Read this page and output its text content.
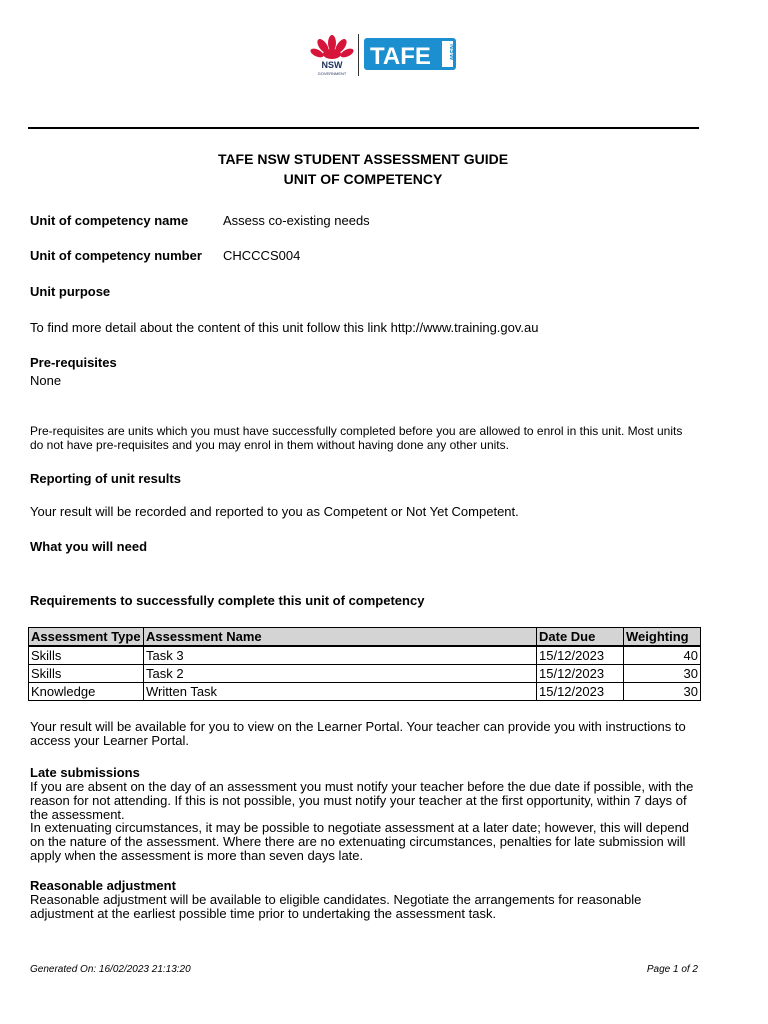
NSW
GOVERNMENT
TAFE NSW
TAFE NSW STUDENT ASSESSMENT GUIDE
UNIT OF COMPETENCY
Unit of competency name	Assess co-existing needs
Unit of competency number CHCCCS004
Unit purpose
To find more detail about the content of this unit follow this link http://www.training.gov.au
Pre-requisites
None
Pre-requisites are units which you must have successfully completed before you are allowed to enrol in this unit. Most units
do not have pre-requisites and you may enrol in them without having done any other units.
Reporting of unit results
Your result will be recorded and reported to you as Competent or Not Yet Competent.
What you will need
Requirements to successfully complete this unit of competency
Assessment Type	Assessment Name	Date Due	Weighting
Skills	Task 3	15/12/2023	40
Skills	Task 2	15/12/2023	30
Knowledge	Written Task	15/12/2023	30
Your result will be available for you to view on the Learner Portal. Your teacher can provide you with instructions to
access your Learner Portal.
Late submissions
If you are absent on the day of an assessment you must notify your teacher before the due date if possible, with the
reason for not attending. If this is not possible, you must notify your teacher at the first opportunity, within 7 days of
the assessment.
In extenuating circumstances, it may be possible to negotiate assessment at a later date; however, this will depend
on the nature of the assessment. Where there are no extenuating circumstances, penalties for late submission will
apply when the assessment is more than seven days late.
Reasonable adjustment
Reasonable adjustment will be available to eligible candidates. Negotiate the arrangements for reasonable
adjustment at the earliest possible time prior to undertaking the assessment task.
Generated On: 16/02/2023 21:13:20	Page 1 of 2
